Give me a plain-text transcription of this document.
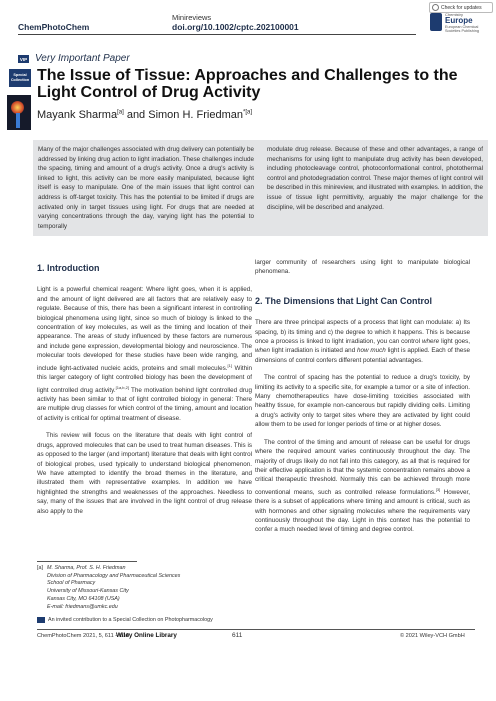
ChemPhotoChem
Minireviews
doi.org/10.1002/cptc.202100001
Check for updates
Chemistry
Europe
European Chemical
Societies Publishing
VIP Very Important Paper
Special Collection The Issue of Tissue: Approaches and Challenges to the Light Control of Drug Activity
Mayank Sharma[a] and Simon H. Friedman$^{*[a]}$

Many of the major challenges associated with drug delivery can potentially be addressed by linking drug action to light irradiation. These challenges include the spacing, timing and amount of a drug's activity. Once a drug's activity is linked to light, this activity can be more easily manipulated, because light itself is easy to manipulate. One of the main issues that light control can address is off-target toxicity. This has the potential to be limited if drugs are activated only in target tissues using light. For drugs that are needed at varying concentrations through the day, varying light has the potential to temporally

modulate drug release. Because of these and other advantages, a range of mechanisms for using light to manipulate drug activity has been developed, including photocleavage control, photoconformational control, photothermal control and photodegradation control. These major themes of light control will be described in this minireview, and illustrated with examples. In addition, the issue of tissue light permittivity, arguably the major challenge for the discipline, will be described and analyzed.

1. Introduction

Light is a powerful chemical reagent: Where light goes, when it is applied, and the amount of light delivered are all factors that are relatively easy to regulate. Because of this, there has been a significant interest in controlling biological phenomena using light, since so much of biology is linked to the concentration of key molecules, as well as the timing and location of their appearance. The areas of study influenced by these factors are numerous and include gene expression, developmental biology and neuroscience. The molecular tools developed for these studies have been wide ranging, and include light-activated nucleic acids, proteins and small molecules.[1] Within this larger category of light controlled biology has been the development of light controlled drug activity.[1a,b,2] The motivation behind light controlled drug activity has been similar to that of light controlled biology in general: There are multiple drug classes for which control of the timing, amount and location of activity is critical for optimal treatment of disease.

This review will focus on the literature that deals with light control of drugs, approved molecules that can be used to treat human diseases. This is as opposed to the larger (and important) literature that deals with light control of biological probes, used typically to understand biological phenomenon. We have attempted to identify the broad themes in the literature, and illustrated them with representative examples. In addition we have highlighted the strengths and weaknesses of the approaches. Needless to say, many of the issues that are involved in the light control of drug release also apply to the

larger community of researchers using light to manipulate biological phenomena.

2. The Dimensions that Light Can Control

There are three principal aspects of a process that light can modulate: a) Its spacing, b) its timing and c) the degree to which it happens. This is because once a process is linked to light irradiation, you can control where light goes, when light irradiation is initiated and how much light is applied. Each of these dimensions of control confers different potential advantages.

The control of spacing has the potential to reduce a drug's toxicity, by limiting its activity to a specific site, for example a tumor or a site of infection. Many chemotherapeutics have dose-limiting toxicities associated with healthy tissue, for example non-cancerous but rapidly dividing cells. Limiting a drug's activity only to target sites where they are activated by light could allow them to be used for longer periods of time or at higher doses.

The control of the timing and amount of release can be useful for drugs where the required amount varies continuously throughout the day. The majority of drugs likely do not fall into this category, as all that is required for their effective application is that the systemic concentration remains above a critical therapeutic threshold. Normally this can be achieved through more conventional means, such as controlled release formulations.[3] However, there is a subset of applications where timing and amount is critical, such as with hormones and other signaling molecules where the requirements vary continuously throughout the day. Light in this context has the potential to confer a much needed level of timing and degree control.

[a] M. Sharma, Prof. S. H. Friedman
Division of Pharmacology and Pharmaceutical Sciences
School of Pharmacy
University of Missouri-Kansas City
Kansas City, MO 64108 (USA)
E-mail: friedmans@umkc.edu
An invited contribution to a Special Collection on Photopharmacology
ChemPhotoChem 2021, 5, 611 – 618
Wiley Online Library	611	© 2021 Wiley-VCH GmbH
